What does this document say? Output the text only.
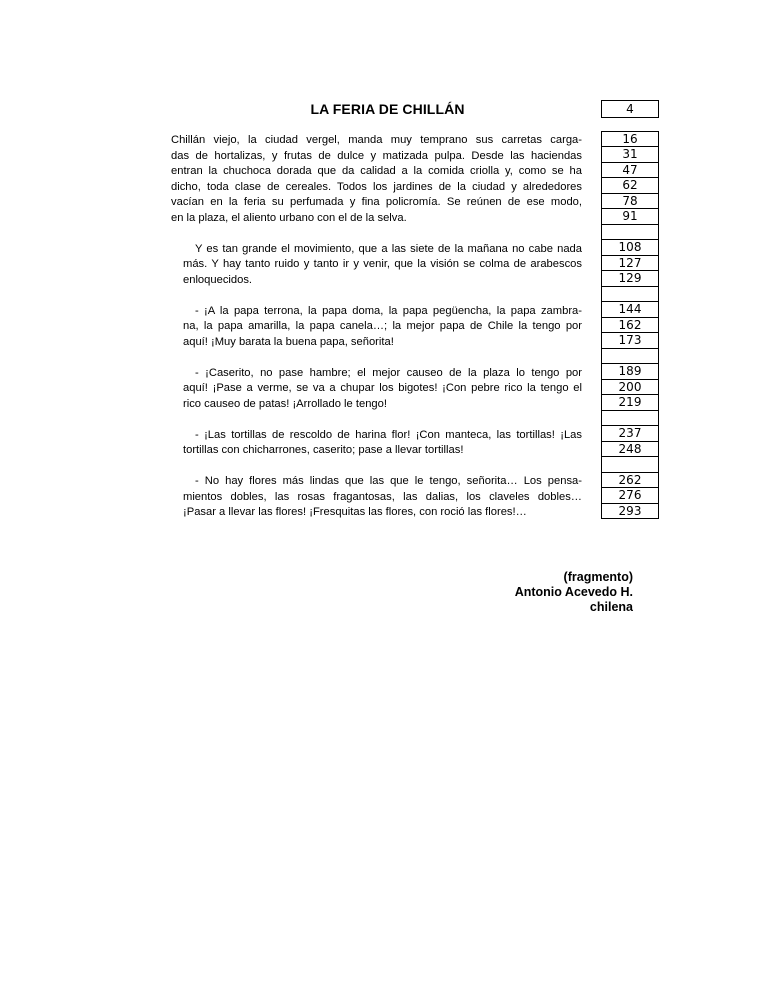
LA FERIA DE CHILLÁN	4
Chillán viejo, la ciudad vergel, manda muy temprano sus carretas carga-
das de hortalizas, y frutas de dulce y matizada pulpa. Desde las haciendas
entran la chuchoca dorada que da calidad a la comida criolla y, como se ha
dicho, toda clase de cereales. Todos los jardines de la ciudad y alrededores
vacían en la feria su perfumada y fina policromía. Se reúnen de ese modo,
en la plaza, el aliento urbano con el de la selva.
Y es tan grande el movimiento, que a las siete de la mañana no cabe nada
más. Y hay tanto ruido y tanto ir y venir, que la visión se colma de arabescos
enloquecidos.
- ¡A la papa terrona, la papa doma, la papa pegüencha, la papa zambra-
na, la papa amarilla, la papa canela…; la mejor papa de Chile la tengo por
aquí! ¡Muy barata la buena papa, señorita!
- ¡Caserito, no pase hambre; el mejor causeo de la plaza lo tengo por
aquí! ¡Pase a verme, se va a chupar los bigotes! ¡Con pebre rico la tengo el
rico causeo de patas! ¡Arrollado le tengo!
- ¡Las tortillas de rescoldo de harina flor! ¡Con manteca, las tortillas! ¡Las
tortillas con chicharrones, caserito; pase a llevar tortillas!
- No hay flores más lindas que las que le tengo, señorita… Los pensa-
mientos dobles, las rosas fragantosas, las dalias, los claveles dobles…
¡Pasar a llevar las flores! ¡Fresquitas las flores, con roció las flores!…
16
31
47
62
78
91
108
127
129
144
162
173
189
200
219
237
248
262
276
293
(fragmento)
Antonio Acevedo H.
chilena
